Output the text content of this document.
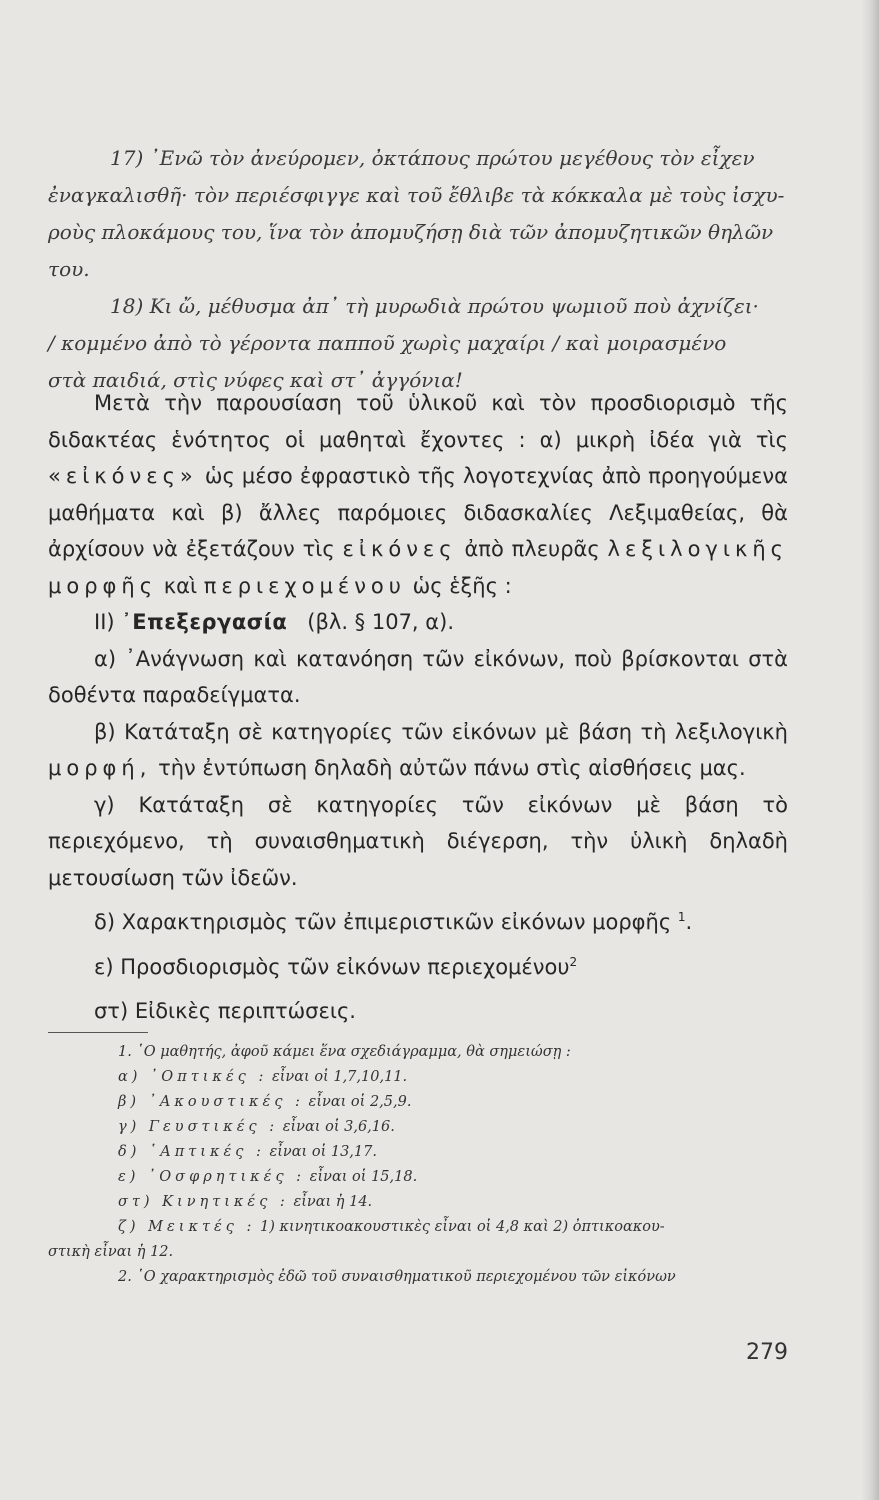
17) ᾿Ενῶ τὸν ἀνεύρομεν, ὀκτάπους πρώτου μεγέθους τὸν εἶχεν

ἐναγκαλισθῆ· τὸν περιέσφιγγε καὶ τοῦ ἔθλιβε τὰ κόκκαλα μὲ τοὺς ἰσχυ-

ροὺς πλοκάμους του, ἵνα τὸν ἀπομυζήσῃ διὰ τῶν ἀπομυζητικῶν θηλῶν

του.

18) Κι ὤ, μέθυσμα ἀπ᾿ τὴ μυρωδιὰ πρώτου ψωμιοῦ ποὺ ἀχνίζει·

/ κομμένο ἀπὸ τὸ γέροντα παπποῦ χωρὶς μαχαίρι / καὶ μοιρασμένο

στὰ παιδιά, στὶς νύφες καὶ στ᾿ ἀγγόνια!

Μετὰ τὴν παρουσίαση τοῦ ὑλικοῦ καὶ τὸν προσδιορισμὸ τῆς διδακτέας ἑνότητος οἱ μαθηταὶ ἔχοντες : α) μικρὴ ἰδέα γιὰ τὶς «εἰκόνες» ὡς μέσο ἐφραστικὸ τῆς λογοτεχνίας ἀπὸ προηγούμενα μαθήματα καὶ β) ἄλλες παρόμοιες διδασκαλίες Λεξιμαθείας, θὰ ἀρχίσουν νὰ ἐξετάζουν τὶς εἰκόνες ἀπὸ πλευρᾶς λεξιλογικῆς μορφῆς καὶ περιεχομένου ὡς ἑξῆς :

ΙΙ) ᾿Επεξεργασία (βλ. § 107, α).

α) ᾿Ανάγνωση καὶ κατανόηση τῶν εἰκόνων, ποὺ βρίσκονται στὰ δοθέντα παραδείγματα.

β) Κατάταξη σὲ κατηγορίες τῶν εἰκόνων μὲ βάση τὴ λεξιλογικὴ μορφή, τὴν ἐντύπωση δηλαδὴ αὐτῶν πάνω στὶς αἰσθήσεις μας.

γ) Κατάταξη σὲ κατηγορίες τῶν εἰκόνων μὲ βάση τὸ περιεχόμενο, τὴ συναισθηματικὴ διέγερση, τὴν ὑλικὴ δηλαδὴ μετουσίωση τῶν ἰδεῶν.

δ) Χαρακτηρισμὸς τῶν ἐπιμεριστικῶν εἰκόνων μορφῆς $^1$.

ε) Προσδιορισμὸς τῶν εἰκόνων περιεχομένου$^2$

στ) Εἰδικὲς περιπτώσεις.

1. ῾Ο μαθητής, ἀφοῦ κάμει ἕνα σχεδιάγραμμα, θὰ σημειώσῃ :

α) ᾿Οπτικές : εἶναι οἱ 1,7,10,11.

β) ᾿Ακουστικές : εἶναι οἱ 2,5,9.

γ) Γευστικές : εἶναι οἱ 3,6,16.

δ) ῾Απτικές : εἶναι οἱ 13,17.

ε) ᾿Οσφρητικές : εἶναι οἱ 15,18.

στ) Κινητικές : εἶναι ἡ 14.

ζ) Μεικτές : 1) κινητικοακουστικὲς εἶναι οἱ 4,8 καὶ 2) ὀπτικοακου-

στικὴ εἶναι ἡ 12.

2. ῾Ο χαρακτηρισμὸς ἐδῶ τοῦ συναισθηματικοῦ περιεχομένου τῶν εἰκόνων

279
